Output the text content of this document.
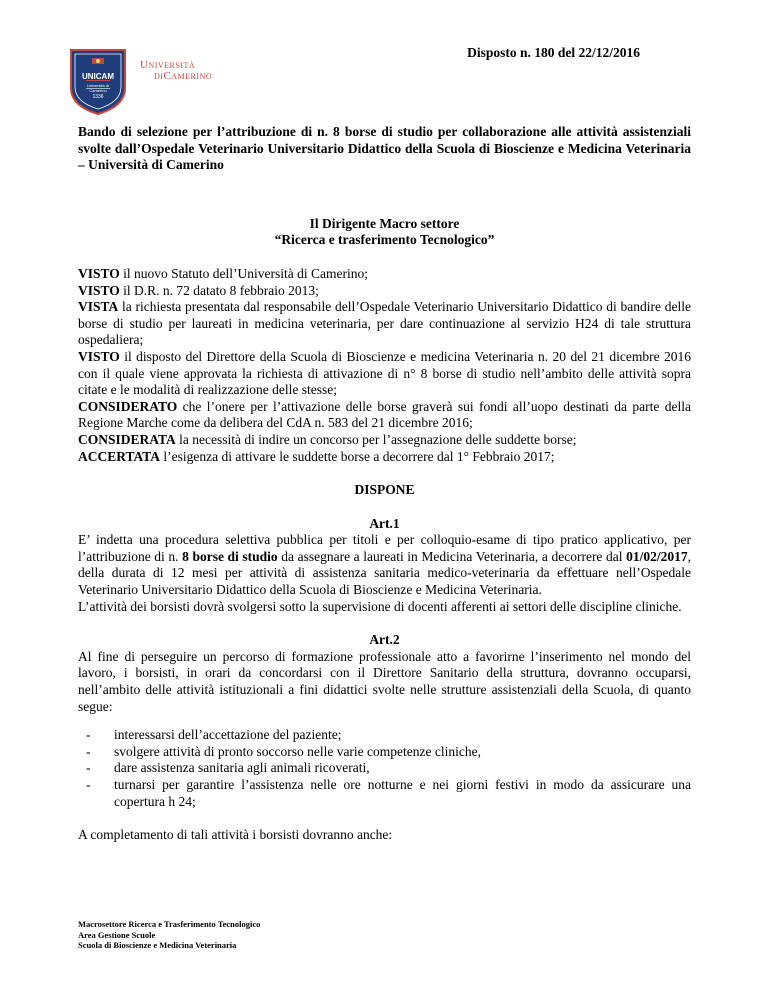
UNICAM
Università di Camerino
1336
Università
diCamerino
Disposto n. 180 del 22/12/2016

Bando di selezione per l’attribuzione di n. 8 borse di studio per collaborazione alle attività assistenziali svolte dall’Ospedale Veterinario Universitario Didattico della Scuola di Bioscienze e Medicina Veterinaria – Università di Camerino

Il Dirigente Macro settore

“Ricerca e trasferimento Tecnologico”

VISTO il nuovo Statuto dell’Università di Camerino;

VISTO il D.R. n. 72 datato 8 febbraio 2013;

VISTA la richiesta presentata dal responsabile dell’Ospedale Veterinario Universitario Didattico di bandire delle borse di studio per laureati in medicina veterinaria, per dare continuazione al servizio H24 di tale struttura ospedaliera;

VISTO il disposto del Direttore della Scuola di Bioscienze e medicina Veterinaria n. 20 del 21 dicembre 2016 con il quale viene approvata la richiesta di attivazione di n° 8 borse di studio nell’ambito delle attività sopra citate e le modalità di realizzazione delle stesse;

CONSIDERATO che l’onere per l’attivazione delle borse graverà sui fondi all’uopo destinati da parte della Regione Marche come da delibera del CdA n. 583 del 21 dicembre 2016;

CONSIDERATA la necessità di indire un concorso per l’assegnazione delle suddette borse;

ACCERTATA l’esigenza di attivare le suddette borse a decorrere dal 1° Febbraio 2017;

DISPONE

Art.1

E’ indetta una procedura selettiva pubblica per titoli e per colloquio-esame di tipo pratico applicativo, per l’attribuzione di n. 8 borse di studio da assegnare a laureati in Medicina Veterinaria, a decorrere dal 01/02/2017, della durata di 12 mesi per attività di assistenza sanitaria medico-veterinaria da effettuare nell’Ospedale Veterinario Universitario Didattico della Scuola di Bioscienze e Medicina Veterinaria.

L’attività dei borsisti dovrà svolgersi sotto la supervisione di docenti afferenti ai settori delle discipline cliniche.

Art.2

Al fine di perseguire un percorso di formazione professionale atto a favorirne l’inserimento nel mondo del lavoro, i borsisti, in orari da concordarsi con il Direttore Sanitario della struttura, dovranno occuparsi, nell’ambito delle attività istituzionali a fini didattici svolte nelle strutture assistenziali della Scuola, di quanto segue:

- interessarsi dell’accettazione del paziente;
- svolgere attività di pronto soccorso nelle varie competenze cliniche,
- dare assistenza sanitaria agli animali ricoverati,
- turnarsi per garantire l’assistenza nelle ore notturne e nei giorni festivi in modo da assicurare una copertura h 24;

A completamento di tali attività i borsisti dovranno anche:

Macrosettore Ricerca e Trasferimento Tecnologico
Area Gestione Scuole
Scuola di Bioscienze e Medicina Veterinaria
